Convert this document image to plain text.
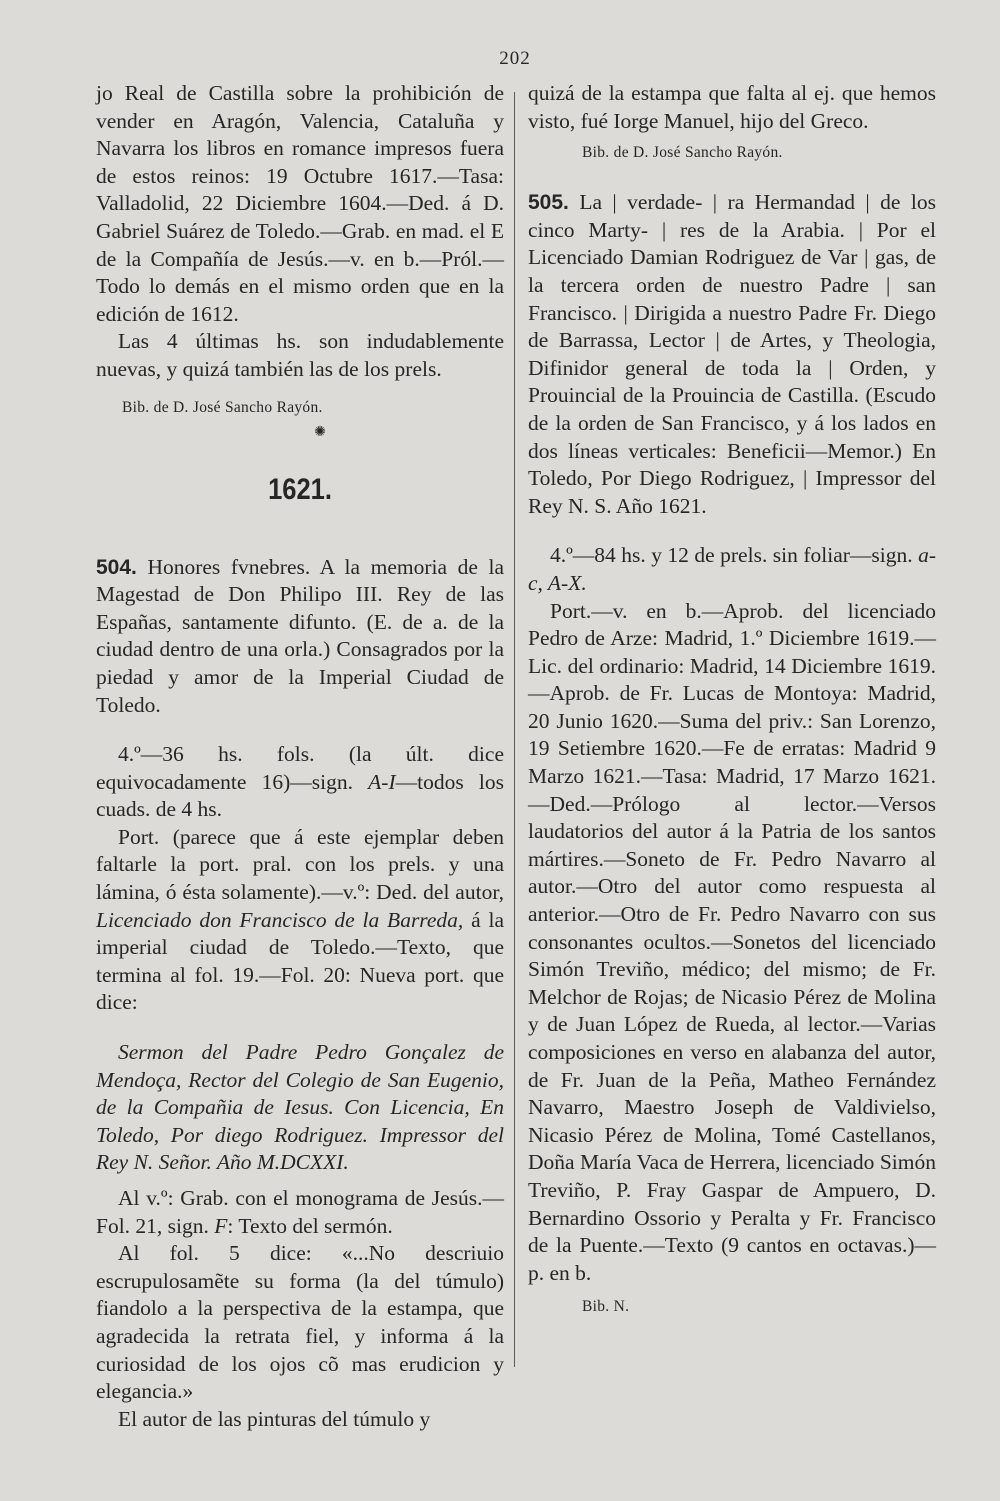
202

jo Real de Castilla sobre la prohibición de vender en Aragón, Valencia, Cataluña y Navarra los libros en romance impresos fuera de estos reinos: 19 Octubre 1617.—Tasa: Valladolid, 22 Diciembre 1604.—Ded. á D. Gabriel Suárez de Toledo.—Grab. en mad. el E de la Compañía de Jesús.—v. en b.—Pról.—Todo lo demás en el mismo orden que en la edición de 1612.

Las 4 últimas hs. son indudablemente nuevas, y quizá también las de los prels.

Bib. de D. José Sancho Rayón.
✺
1621.

504. Honores fvnebres. A la memoria de la Magestad de Don Philipo III. Rey de las Españas, santamente difunto. (E. de a. de la ciudad dentro de una orla.) Consagrados por la piedad y amor de la Imperial Ciudad de Toledo.

4.º—36 hs. fols. (la últ. dice equivocadamente 16)—sign. A-I—todos los cuads. de 4 hs.

Port. (parece que á este ejemplar deben faltarle la port. pral. con los prels. y una lámina, ó ésta solamente).—v.º: Ded. del autor, Licenciado don Francisco de la Barreda, á la imperial ciudad de Toledo.—Texto, que termina al fol. 19.—Fol. 20: Nueva port. que dice:

Sermon del Padre Pedro Gonçalez de Mendoça, Rector del Colegio de San Eugenio, de la Compañia de Iesus. Con Licencia, En Toledo, Por diego Rodriguez. Impressor del Rey N. Señor. Año M.DCXXI.

Al v.º: Grab. con el monograma de Jesús.—Fol. 21, sign. F: Texto del sermón.

Al fol. 5 dice: «...No descriuio escrupulosamẽte su forma (la del túmulo) fiandolo a la perspectiva de la estampa, que agradecida la retrata fiel, y informa á la curiosidad de los ojos cõ mas erudicion y elegancia.»

El autor de las pinturas del túmulo y

quizá de la estampa que falta al ej. que hemos visto, fué Iorge Manuel, hijo del Greco.

Bib. de D. José Sancho Rayón.

505. La | verdade- | ra Hermandad | de los cinco Marty- | res de la Arabia. | Por el Licenciado Damian Rodriguez de Var | gas, de la tercera orden de nuestro Padre | san Francisco. | Dirigida a nuestro Padre Fr. Diego de Barrassa, Lector | de Artes, y Theologia, Difinidor general de toda la | Orden, y Prouincial de la Prouincia de Castilla. (Escudo de la orden de San Francisco, y á los lados en dos líneas verticales: Beneficii—Memor.) En Toledo, Por Diego Rodriguez, | Impressor del Rey N. S. Año 1621.

4.º—84 hs. y 12 de prels. sin foliar—sign. a-c, A-X.

Port.—v. en b.—Aprob. del licenciado Pedro de Arze: Madrid, 1.º Diciembre 1619.—Lic. del ordinario: Madrid, 14 Diciembre 1619.—Aprob. de Fr. Lucas de Montoya: Madrid, 20 Junio 1620.—Suma del priv.: San Lorenzo, 19 Setiembre 1620.—Fe de erratas: Madrid 9 Marzo 1621.—Tasa: Madrid, 17 Marzo 1621.—Ded.—Prólogo al lector.—Versos laudatorios del autor á la Patria de los santos mártires.—Soneto de Fr. Pedro Navarro al autor.—Otro del autor como respuesta al anterior.—Otro de Fr. Pedro Navarro con sus consonantes ocultos.—Sonetos del licenciado Simón Treviño, médico; del mismo; de Fr. Melchor de Rojas; de Nicasio Pérez de Molina y de Juan López de Rueda, al lector.—Varias composiciones en verso en alabanza del autor, de Fr. Juan de la Peña, Matheo Fernández Navarro, Maestro Joseph de Valdivielso, Nicasio Pérez de Molina, Tomé Castellanos, Doña María Vaca de Herrera, licenciado Simón Treviño, P. Fray Gaspar de Ampuero, D. Bernardino Ossorio y Peralta y Fr. Francisco de la Puente.—Texto (9 cantos en octavas.)—p. en b.

Bib. N.
